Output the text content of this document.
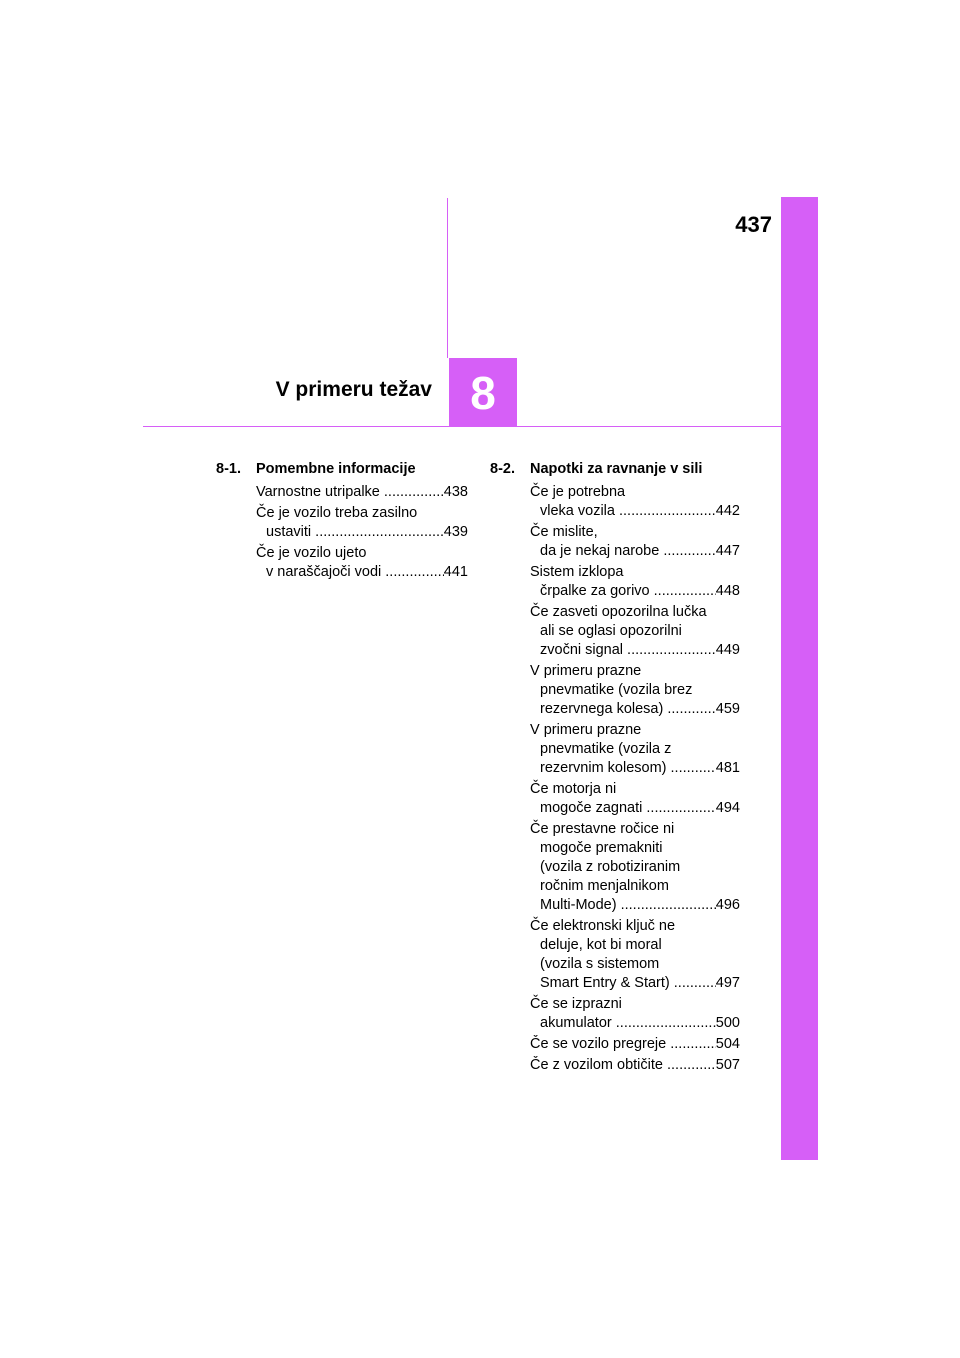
437
8
V primeru težav
8-1.	Pomembne informacije
Varnostne utripalke .....	438
Če je vozilo treba zasilno
ustaviti .....	439
Če je vozilo ujeto
v naraščajoči vodi .....	441
8-2.	Napotki za ravnanje v sili
Če je potrebna
vleka vozila .....	442
Če mislite,
da je nekaj narobe .....	447
Sistem izklopa
črpalke za gorivo .....	448
Če zasveti opozorilna lučka
ali se oglasi opozorilni
zvočni signal .....	449
V primeru prazne
pnevmatike (vozila brez
rezervnega kolesa) .....	459
V primeru prazne
pnevmatike (vozila z
rezervnim kolesom) .....	481
Če motorja ni
mogoče zagnati .....	494
Če prestavne ročice ni
mogoče premakniti
(vozila z robotiziranim
ročnim menjalnikom
Multi-Mode) .....	496
Če elektronski ključ ne
deluje, kot bi moral
(vozila s sistemom
Smart Entry & Start) .....	497
Če se izprazni
akumulator .....	500
Če se vozilo pregreje .....	504
Če z vozilom obtičite .....	507
